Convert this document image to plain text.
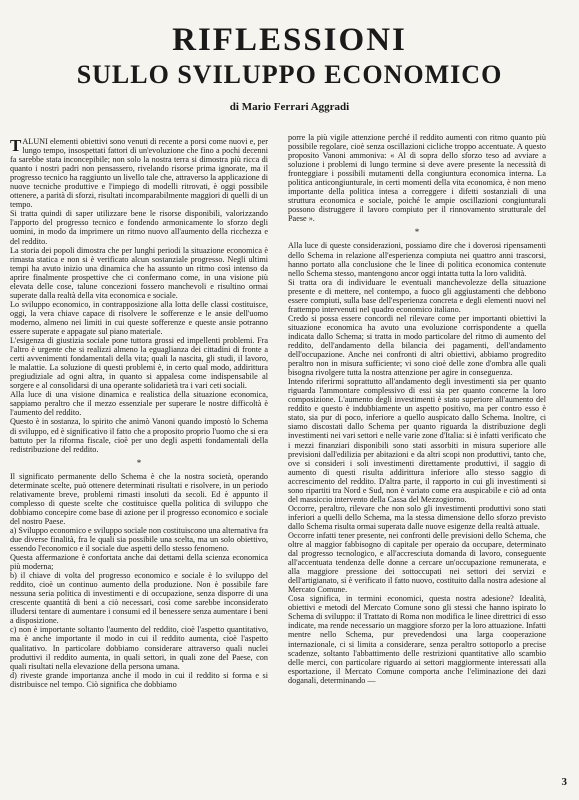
RIFLESSIONI
SULLO SVILUPPO ECONOMICO
di Mario Ferrari Aggradi

TALUNI elementi obiettivi sono venuti di recente a porsi come nuovi e, per lungo tempo, insospettati fattori di un'evoluzione che fino a pochi decenni fa sarebbe stata inconcepibile; non solo la nostra terra si dimostra più ricca di quanto i nostri padri non pensassero, rivelando risorse prima ignorate, ma il progresso tecnico ha raggiunto un livello tale che, attraverso la applicazione di nuove tecniche produttive e l'impiego di modelli ritrovati, è oggi possibile ottenere, a parità di sforzi, risultati incomparabilmente maggiori di quelli di un tempo.

Si tratta quindi di saper utilizzare bene le risorse disponibili, valorizzando l'apporto del progresso tecnico e fondendo armonicamente lo sforzo degli uomini, in modo da imprimere un ritmo nuovo all'aumento della ricchezza e del reddito.

La storia dei popoli dimostra che per lunghi periodi la situazione economica è rimasta statica e non si è verificato alcun sostanziale progresso. Negli ultimi tempi ha avuto inizio una dinamica che ha assunto un ritmo così intenso da aprire finalmente prospettive che ci confermano come, in una visione più elevata delle cose, talune concezioni fossero manchevoli e risultino ormai superate dalla realtà della vita economica e sociale.

Lo sviluppo economico, in contrapposizione alla lotta delle classi costituisce, oggi, la vera chiave capace di risolvere le sofferenze e le ansie dell'uomo moderno, almeno nei limiti in cui queste sofferenze e queste ansie potranno essere superate e appagate sul piano materiale.

L'esigenza di giustizia sociale pone tuttora grossi ed impellenti problemi. Fra l'altro è urgente che si realizzi almeno la eguaglianza dei cittadini di fronte a certi avvenimenti fondamentali della vita; quali la nascita, gli studi, il lavoro, le malattie. La soluzione di questi problemi è, in certo qual modo, addirittura pregiudiziale ad ogni altra, in quanto si appalesa come indispensabile al sorgere e al consolidarsi di una operante solidarietà tra i vari ceti sociali.

Alla luce di una visione dinamica e realistica della situazione economica, sappiamo peraltro che il mezzo essenziale per superare le nostre difficoltà è l'aumento del reddito.

Questo è in sostanza, lo spirito che animò Vanoni quando impostò lo Schema di sviluppo, ed è significativo il fatto che a proposito proprio l'uomo che si era battuto per la riforma fiscale, cioè per uno degli aspetti fondamentali della redistribuzione del reddito.

*

Il significato permanente dello Schema è che la nostra società, operando determinate scelte, può ottenere determinati risultati e risolvere, in un periodo relativamente breve, problemi rimasti insoluti da secoli. Ed è appunto il complesso di queste scelte che costituisce quella politica di sviluppo che dobbiamo concepire come base di azione per il progresso economico e sociale del nostro Paese.

a) Sviluppo economico e sviluppo sociale non costituiscono una alternativa fra due diverse finalità, fra le quali sia possibile una scelta, ma un solo obiettivo, essendo l'economico e il sociale due aspetti dello stesso fenomeno.

Questa affermazione è confortata anche dai dettami della scienza economica più moderna;

b) il chiave di volta del progresso economico e sociale è lo sviluppo del reddito, cioè un continuo aumento della produzione. Non è possibile fare nessuna seria politica di investimenti e di occupazione, senza disporre di una crescente quantità di beni a ciò necessari, così come sarebbe inconsiderato illudersi tentare di aumentare i consumi ed il benessere senza aumentare i beni a disposizione.

c) non è importante soltanto l'aumento del reddito, cioè l'aspetto quantitativo, ma è anche importante il modo in cui il reddito aumenta, cioè l'aspetto qualitativo. In particolare dobbiamo considerare attraverso quali nuclei produttivi il reddito aumenta, in quali settori, in quali zone del Paese, con quali risultati nella elevazione della persona umana.

d) riveste grande importanza anche il modo in cui il reddito si forma e si distribuisce nel tempo. Ciò significa che dobbiamo

porre la più vigile attenzione perché il reddito aumenti con ritmo quanto più possibile regolare, cioè senza oscillazioni cicliche troppo accentuate. A questo proposito Vanoni ammoniva: « Al di sopra dello sforzo teso ad avviare a soluzione i problemi di lungo termine si deve avere presente la necessità di fronteggiare i possibili mutamenti della congiuntura economica interna. La politica anticongiunturale, in certi momenti della vita economica, è non meno importante della politica intesa a correggere i difetti sostanziali di una struttura economica e sociale, poiché le ampie oscillazioni congiunturali possono distruggere il lavoro compiuto per il rinnovamento strutturale del Paese ».

*

Alla luce di queste considerazioni, possiamo dire che i doverosi ripensamenti dello Schema in relazione all'esperienza compiuta nei quattro anni trascorsi, hanno portato alla conclusione che le linee di politica economica contenute nello Schema stesso, mantengono ancor oggi intatta tutta la loro validità.

Si tratta ora di individuare le eventuali manchevolezze della situazione presente e di mettere, nel contempo, a fuoco gli aggiustamenti che debbono essere compiuti, sulla base dell'esperienza concreta e degli elementi nuovi nel frattempo intervenuti nel quadro economico italiano.

Credo si possa essere concordi nel rilevare come per importanti obiettivi la situazione economica ha avuto una evoluzione corrispondente a quella indicata dallo Schema; si tratta in modo particolare del ritmo di aumento del reddito, dell'andamento della bilancia dei pagamenti, dell'andamento dell'occupazione. Anche nei confronti di altri obiettivi, abbiamo progredito peraltro non in misura sufficiente; vi sono cioè delle zone d'ombra alle quali bisogna rivolgere tutta la nostra attenzione per agire in conseguenza.

Intendo riferirmi soprattutto all'andamento degli investimenti sia per quanto riguarda l'ammontare complessivo di essi sia per quanto concerne la loro composizione. L'aumento degli investimenti è stato superiore all'aumento del reddito e questo è indubbiamente un aspetto positivo, ma per contro esso è stato, sia pur di poco, inferiore a quello auspicato dallo Schema. Inoltre, ci siamo discostati dallo Schema per quanto riguarda la distribuzione degli investimenti nei vari settori e nelle varie zone d'Italia: si è infatti verificato che i mezzi finanziari disponibili sono stati assorbiti in misura superiore alle previsioni dall'edilizia per abitazioni e da altri scopi non produttivi, tanto che, ove si consideri i soli investimenti direttamente produttivi, il saggio di aumento di questi risulta addirittura inferiore allo stesso saggio di accrescimento del reddito. D'altra parte, il rapporto in cui gli investimenti si sono ripartiti tra Nord e Sud, non è variato come era auspicabile e ciò ad onta del massiccio intervento della Cassa del Mezzogiorno.

Occorre, peraltro, rilevare che non solo gli investimenti produttivi sono stati inferiori a quelli dello Schema, ma la stessa dimensione dello sforzo previsto dallo Schema risulta ormai superata dalle nuove esigenze della realtà attuale.

Occorre infatti tener presente, nei confronti delle previsioni dello Schema, che oltre al maggior fabbisogno di capitale per operaio da occupare, determinato dal progresso tecnologico, e all'accresciuta domanda di lavoro, conseguente all'accentuata tendenza delle donne a cercare un'occupazione remunerata, e alla maggiore pressione dei sottoccupati nei settori dei servizi e dell'artigianato, si è verificato il fatto nuovo, costituito dalla nostra adesione al Mercato Comune.

Cosa significa, in termini economici, questa nostra adesione? Idealità, obiettivi e metodi del Mercato Comune sono gli stessi che hanno ispirato lo Schema di sviluppo: il Trattato di Roma non modifica le linee direttrici di esso indicate, ma rende necessario un maggiore sforzo per la loro attuazione. Infatti mentre nello Schema, pur prevedendosi una larga cooperazione internazionale, ci si limita a considerare, senza peraltro sottoporlo a precise scadenze, soltanto l'abbattimento delle restrizioni quantitative allo scambio delle merci, con particolare riguardo ai settori maggiormente interessati alla esportazione, il Mercato Comune comporta anche l'eliminazione dei dazi doganali, determinando —

3
